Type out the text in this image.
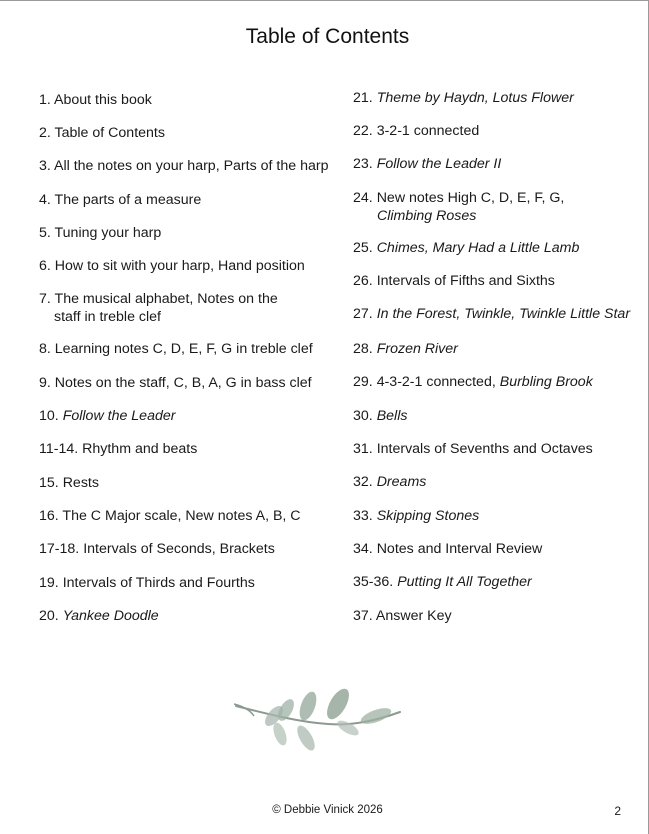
Table of Contents
1. About this book
2. Table of Contents
3. All the notes on your harp, Parts of the harp
4. The parts of a measure
5. Tuning your harp
6. How to sit with your harp, Hand position
7. The musical alphabet, Notes on the
staff in treble clef
8. Learning notes C, D, E, F, G in treble clef
9. Notes on the staff, C, B, A, G in bass clef
10. Follow the Leader
11-14. Rhythm and beats
15. Rests
16. The C Major scale, New notes A, B, C
17-18. Intervals of Seconds, Brackets
19. Intervals of Thirds and Fourths
20. Yankee Doodle
21. Theme by Haydn, Lotus Flower
22. 3-2-1 connected
23. Follow the Leader II
24. New notes High C, D, E, F, G,
Climbing Roses
25. Chimes, Mary Had a Little Lamb
26. Intervals of Fifths and Sixths
27. In the Forest, Twinkle, Twinkle Little Star
28. Frozen River
29. 4-3-2-1 connected, Burbling Brook
30. Bells
31. Intervals of Sevenths and Octaves
32. Dreams
33. Skipping Stones
34. Notes and Interval Review
35-36. Putting It All Together
37. Answer Key
© Debbie Vinick 2026	2
